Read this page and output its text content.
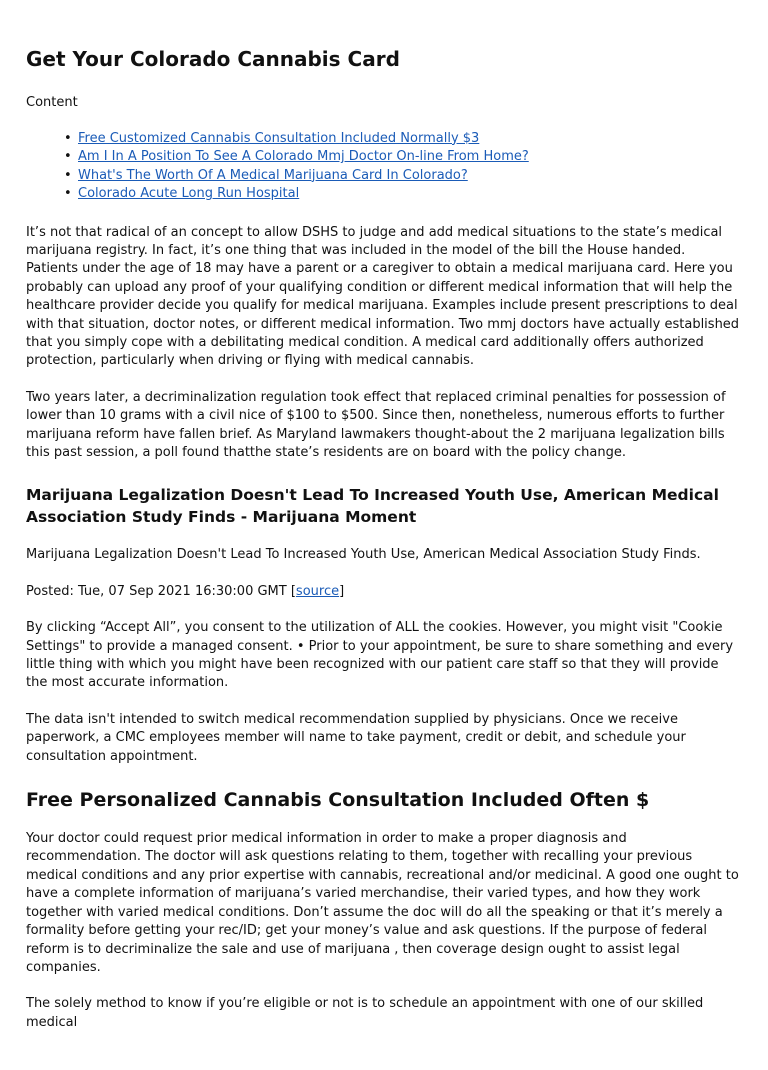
Get Your Colorado Cannabis Card
Content
• Free Customized Cannabis Consultation Included Normally $3
• Am I In A Position To See A Colorado Mmj Doctor On-line From Home?
• What's The Worth Of A Medical Marijuana Card In Colorado?
• Colorado Acute Long Run Hospital

It’s not that radical of an concept to allow DSHS to judge and add medical situations to the state’s medical marijuana registry. In fact, it’s one thing that was included in the model of the bill the House handed. Patients under the age of 18 may have a parent or a caregiver to obtain a medical marijuana card. Here you probably can upload any proof of your qualifying condition or different medical information that will help the healthcare provider decide you qualify for medical marijuana. Examples include present prescriptions to deal with that situation, doctor notes, or different medical information. Two mmj doctors have actually established that you simply cope with a debilitating medical condition. A medical card additionally offers authorized protection, particularly when driving or flying with medical cannabis.

Two years later, a decriminalization regulation took effect that replaced criminal penalties for possession of lower than 10 grams with a civil nice of $100 to $500. Since then, nonetheless, numerous efforts to further marijuana reform have fallen brief. As Maryland lawmakers thought-about the 2 marijuana legalization bills this past session, a poll found thatthe state’s residents are on board with the policy change.

Marijuana Legalization Doesn't Lead To Increased Youth Use, American Medical Association Study Finds - Marijuana Moment

Marijuana Legalization Doesn't Lead To Increased Youth Use, American Medical Association Study Finds.

Posted: Tue, 07 Sep 2021 16:30:00 GMT [source]

By clicking “Accept All”, you consent to the utilization of ALL the cookies. However, you might visit "Cookie Settings" to provide a managed consent. • Prior to your appointment, be sure to share something and every little thing with which you might have been recognized with our patient care staff so that they will provide the most accurate information.

The data isn't intended to switch medical recommendation supplied by physicians. Once we receive paperwork, a CMC employees member will name to take payment, credit or debit, and schedule your consultation appointment.

Free Personalized Cannabis Consultation Included Often $

Your doctor could request prior medical information in order to make a proper diagnosis and recommendation. The doctor will ask questions relating to them, together with recalling your previous medical conditions and any prior expertise with cannabis, recreational and/or medicinal. A good one ought to have a complete information of marijuana’s varied merchandise, their varied types, and how they work together with varied medical conditions. Don’t assume the doc will do all the speaking or that it’s merely a formality before getting your rec/ID; get your money’s value and ask questions. If the purpose of federal reform is to decriminalize the sale and use of marijuana , then coverage design ought to assist legal companies.

The solely method to know if you’re eligible or not is to schedule an appointment with one of our skilled medical
